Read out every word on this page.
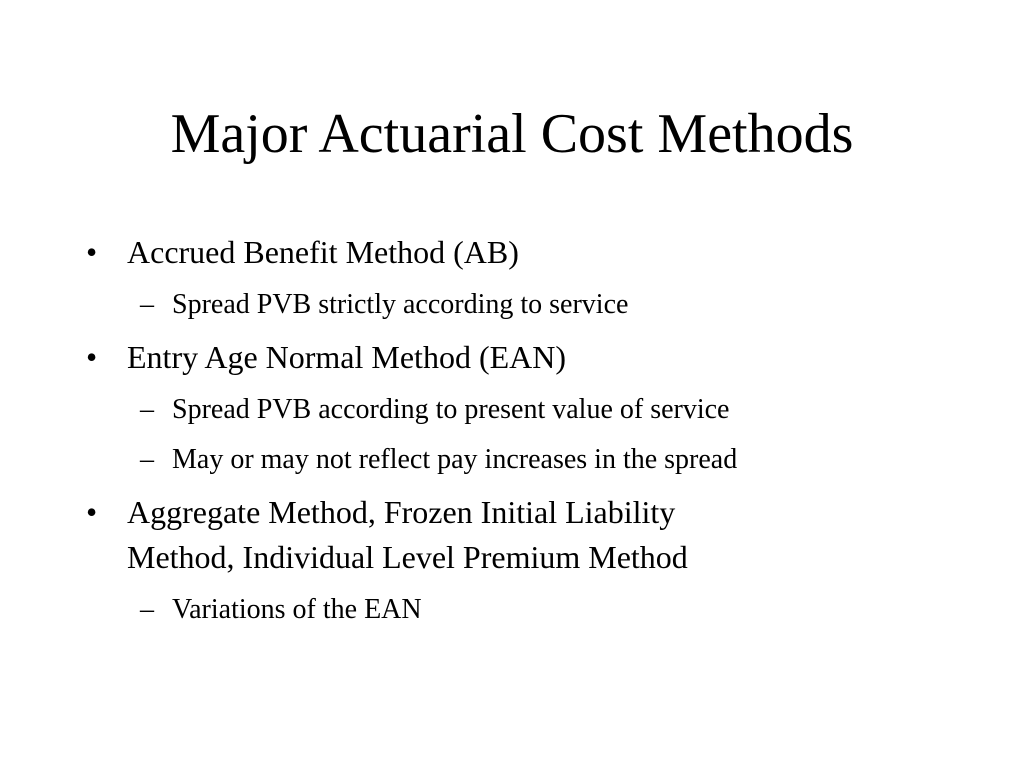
Major Actuarial Cost Methods
• Accrued Benefit Method (AB)
– Spread PVB strictly according to service
• Entry Age Normal Method (EAN)
– Spread PVB according to present value of service
– May or may not reflect pay increases in the spread
• Aggregate Method, Frozen Initial Liability
Method, Individual Level Premium Method
– Variations of the EAN
